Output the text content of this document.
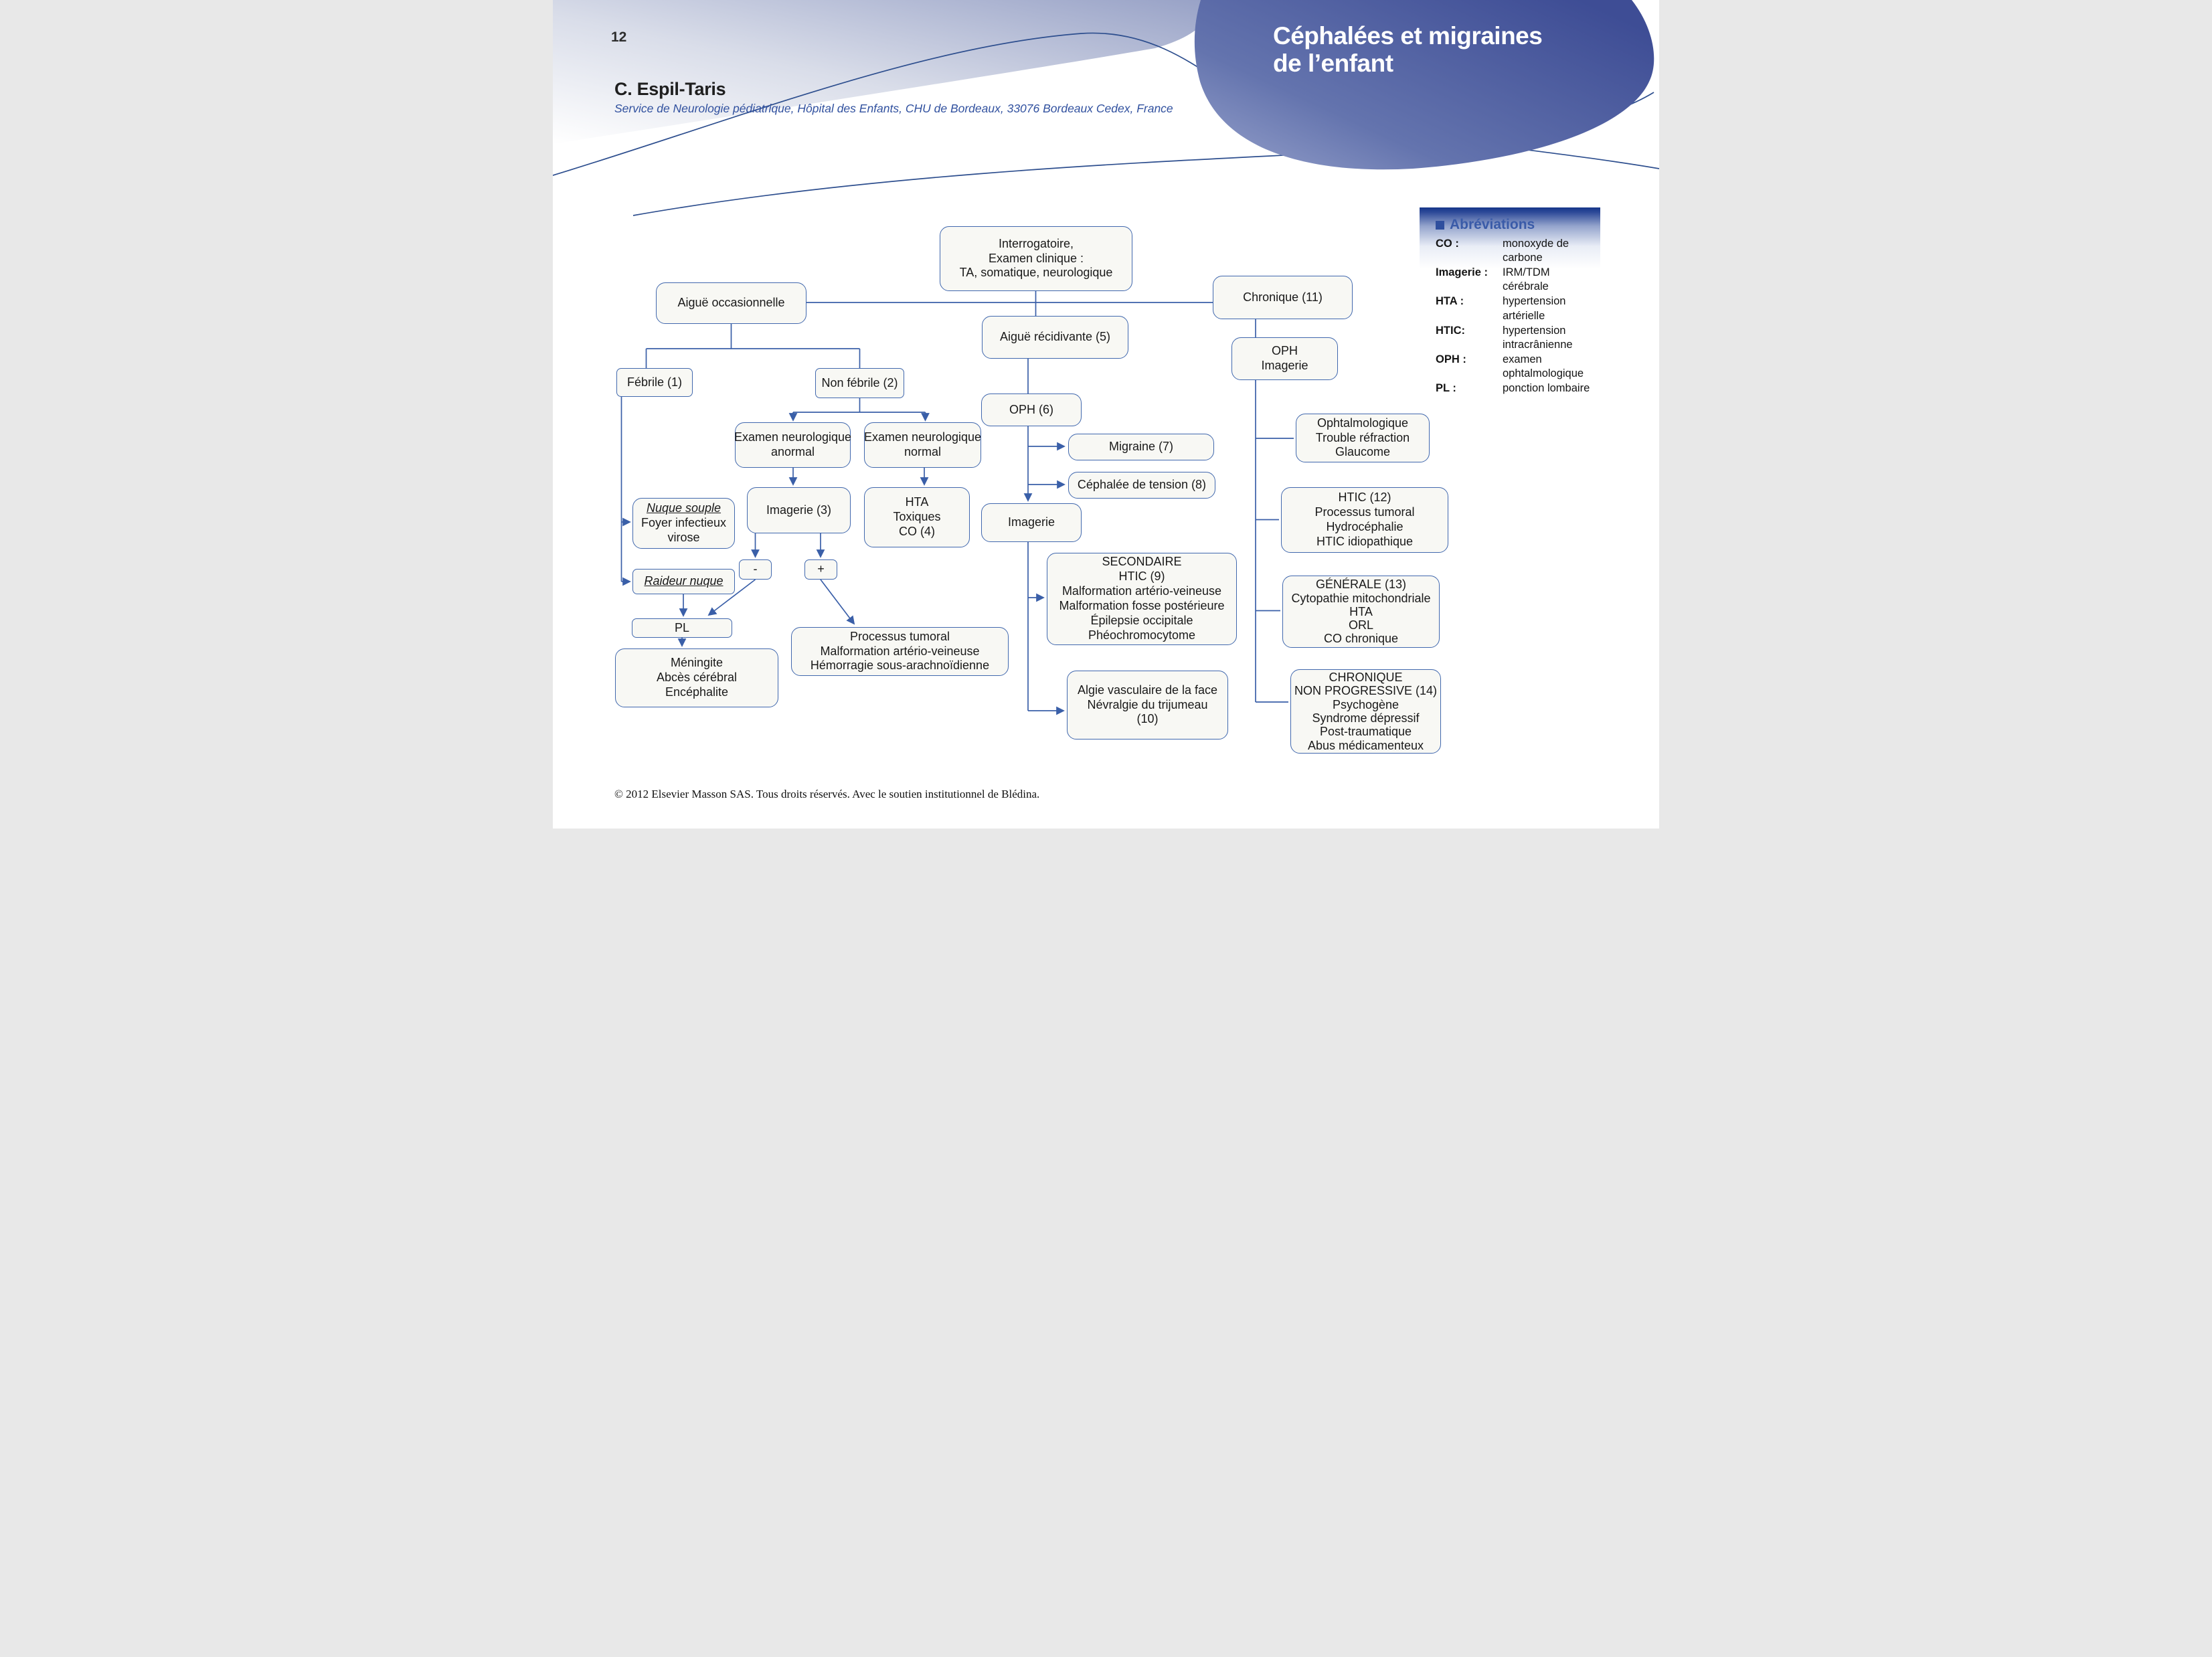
12	Céphalées et migraines
de l’enfant
C. Espil-Taris
Service de Neurologie pédiatrique, Hôpital des Enfants, CHU de Bordeaux, 33076 Bordeaux Cedex, France
Interrogatoire,
Examen clinique :
TA, somatique, neurologique
Aiguë occasionnelle	Chronique (11)
Aiguë récidivante (5)
OPH
Imagerie
Fébrile (1)	Non fébrile (2)
OPH (6)
Examen neurologique
anormal
Examen neurologique
normal	Migraine (7)
Ophtalmologique
Trouble réfraction
Glaucome
Céphalée de tension (8)
Nuque souple
Foyer infectieux
virose
Imagerie (3)
HTA
Toxiques
CO (4)
Imagerie
HTIC (12)
Processus tumoral
Hydrocéphalie
HTIC idiopathique
-	+
Raideur nuque	GÉNÉRALE (13)
Cytopathie mitochondriale
HTA
ORL
CO chronique
SECONDAIRE
HTIC (9)
Malformation artério-veineuse
Malformation fosse postérieure
Épilepsie occipitale
Phéochromocytome
PL
Processus tumoral
Malformation artério-veineuse
Hémorragie sous-arachnoïdienne
Méningite
Abcès cérébral
Encéphalite	Algie vasculaire de la face
Névralgie du trijumeau
(10)
CHRONIQUE
NON PROGRESSIVE (14)
Psychogène
Syndrome dépressif
Post-traumatique
Abus médicamenteux
Abréviations
CO :	monoxyde de carbone
Imagerie :	IRM/TDM cérébrale
HTA :	hypertension artérielle
HTIC:	hypertension intracrânienne
OPH :	examen ophtalmologique
PL :	ponction lombaire
© 2012 Elsevier Masson SAS. Tous droits réservés. Avec le soutien institutionnel de Blédina.
